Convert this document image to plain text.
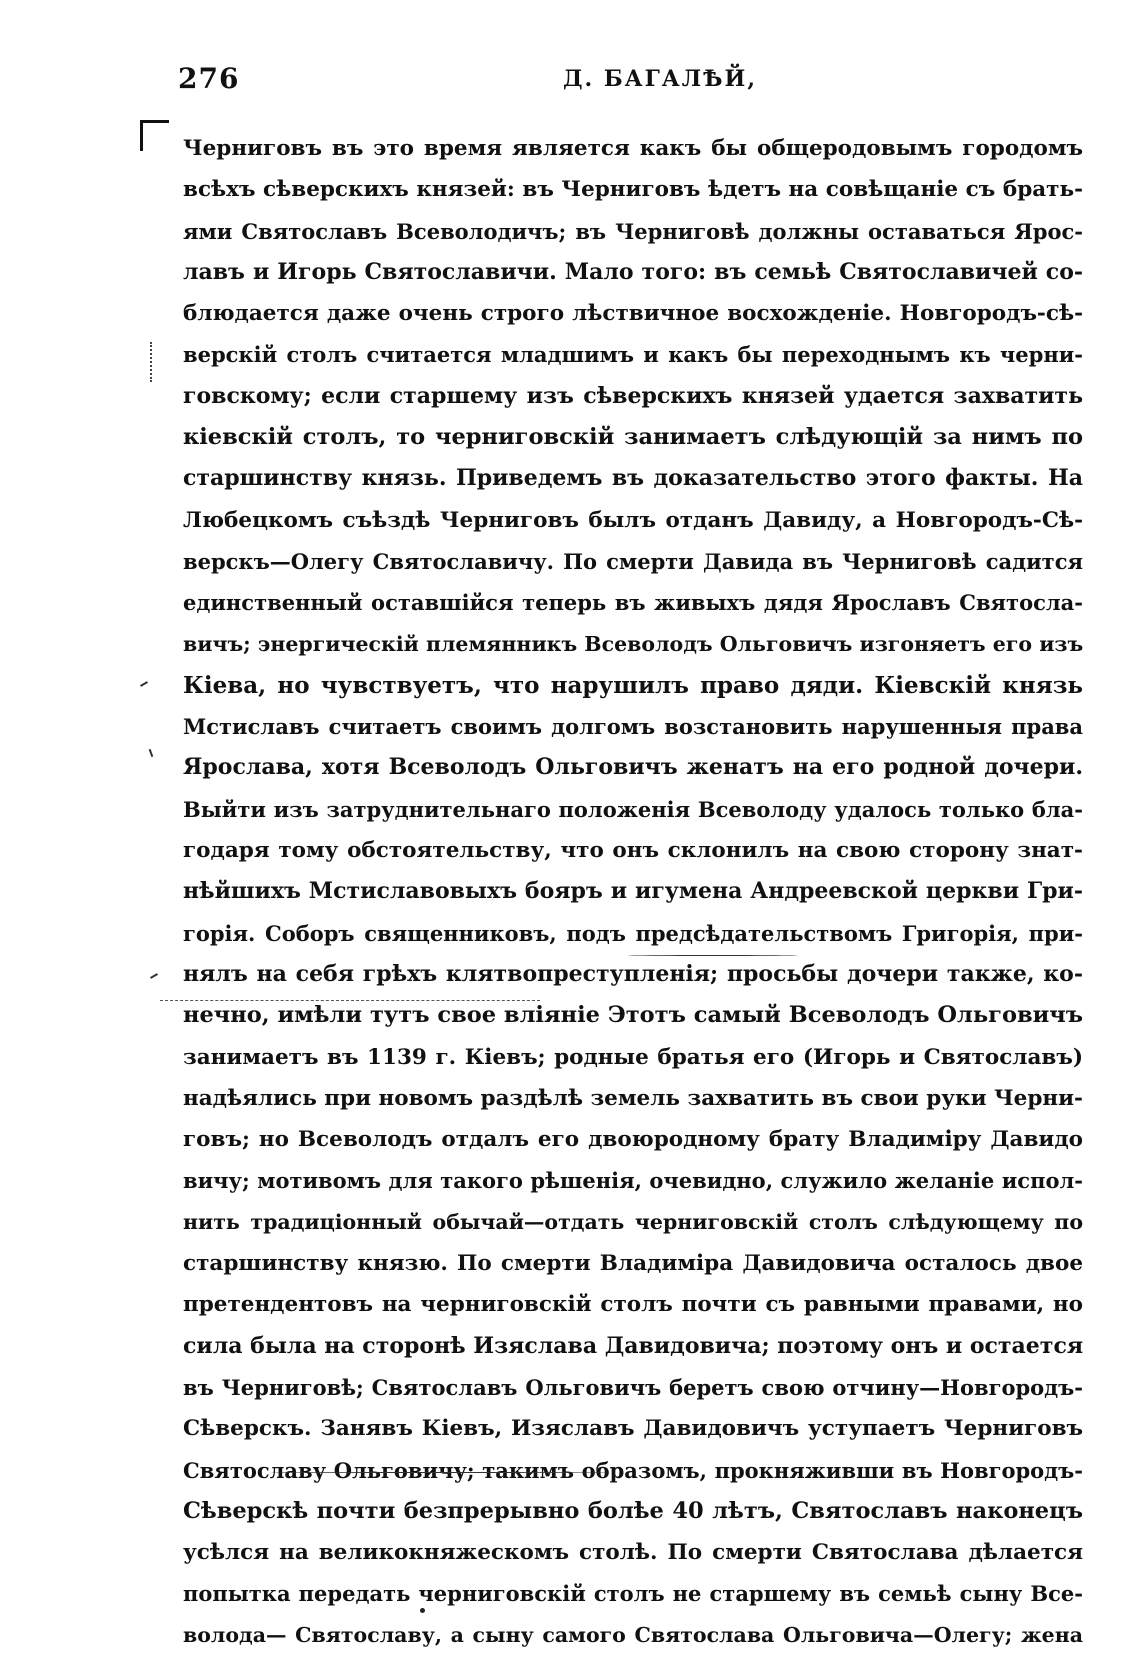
276	Д. БАГАЛѢЙ,
Черниговъ въ это время является какъ бы общеродовымъ городомъ
всѣхъ сѣверскихъ князей: въ Черниговъ ѣдетъ на совѣщаніе съ брать-
ями Святославъ Всеволодичъ; въ Черниговѣ должны оставаться Ярос-
лавъ и Игорь Святославичи. Мало того: въ семьѣ Святославичей со-
блюдается даже очень строго лѣствичное восхожденіе. Новгородъ-сѣ-
верскій столъ считается младшимъ и какъ бы переходнымъ къ черни-
говскому; если старшему изъ сѣверскихъ князей удается захватить
кіевскій столъ, то черниговскій занимаетъ слѣдующій за нимъ по
старшинству князь. Приведемъ въ доказательство этого факты. На
Любецкомъ съѣздѣ Черниговъ былъ отданъ Давиду, а Новгородъ-Сѣ-
верскъ—Олегу Святославичу. По смерти Давида въ Черниговѣ садится
единственный оставшійся теперь въ живыхъ дядя Ярославъ Святосла-
вичъ; энергическій племянникъ Всеволодъ Ольговичъ изгоняетъ его изъ
Кіева, но чувствуетъ, что нарушилъ право дяди. Кіевскій князь
Мстиславъ считаетъ своимъ долгомъ возстановить нарушенныя права
Ярослава, хотя Всеволодъ Ольговичъ женатъ на его родной дочери.
Выйти изъ затруднительнаго положенія Всеволоду удалось только бла-
годаря тому обстоятельству, что онъ склонилъ на свою сторону знат-
нѣйшихъ Мстиславовыхъ бояръ и игумена Андреевской церкви Гри-
горія. Соборъ священниковъ, подъ предсѣдательствомъ Григорія, при-
нялъ на себя грѣхъ клятвопреступленія; просьбы дочери также, ко-
нечно, имѣли тутъ свое вліяніе Этотъ самый Всеволодъ Ольговичъ
занимаетъ въ 1139 г. Кіевъ; родные братья его (Игорь и Святославъ)
надѣялись при новомъ раздѣлѣ земель захватить въ свои руки Черни-
говъ; но Всеволодъ отдалъ его двоюродному брату Владиміру Давидо
вичу; мотивомъ для такого рѣшенія, очевидно, служило желаніе испол-
нить традиціонный обычай—отдать черниговскій столъ слѣдующему по
старшинству князю. По смерти Владиміра Давидовича осталось двое
претендентовъ на черниговскій столъ почти съ равными правами, но
сила была на сторонѣ Изяслава Давидовича; поэтому онъ и остается
въ Черниговѣ; Святославъ Ольговичъ беретъ свою отчину—Новгородъ-
Сѣверскъ. Занявъ Кіевъ, Изяславъ Давидовичъ уступаетъ Черниговъ
Святославу Ольговичу; такимъ образомъ, прокняживши въ Новгородъ-
Сѣверскѣ почти безпрерывно болѣе 40 лѣтъ, Святославъ наконецъ
усѣлся на великокняжескомъ столѣ. По смерти Святослава дѣлается
попытка передать черниговскій столъ не старшему въ семьѣ сыну Все-
волода— Святославу, а сыну самого Святослава Ольговича—Олегу; жена
